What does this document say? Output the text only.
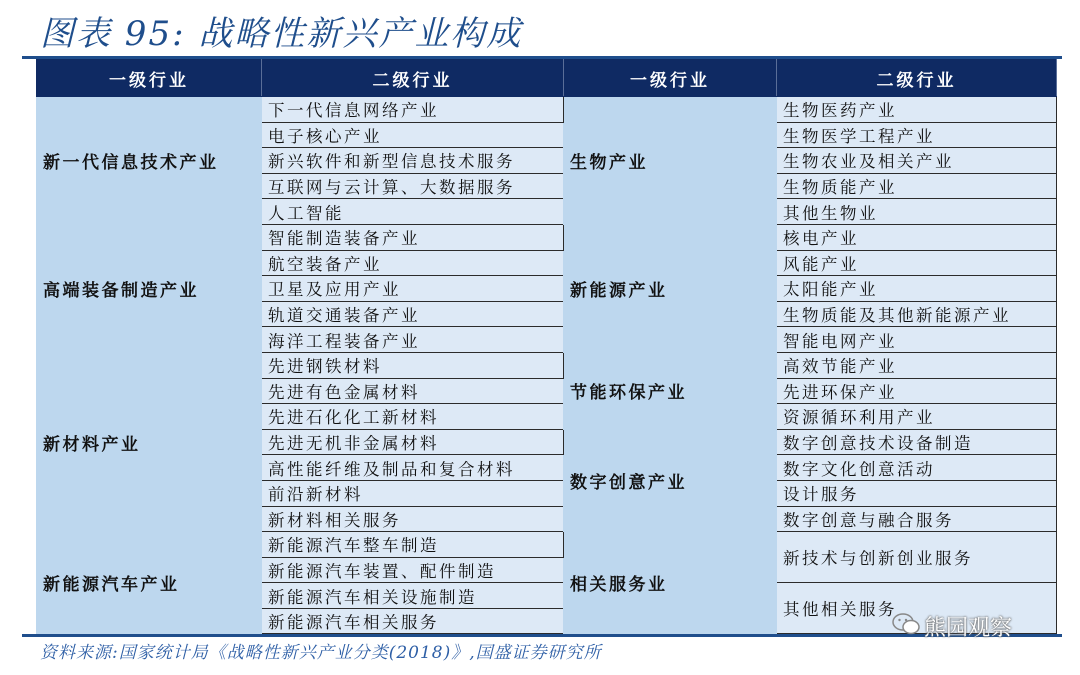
图表 95: 战略性新兴产业构成
一级行业	二级行业	一级行业	二级行业
新一代信息技术产业	下一代信息网络产业	生物产业	生物医药产业
	电子核心产业		生物医学工程产业
	新兴软件和新型信息技术服务		生物农业及相关产业
	互联网与云计算、大数据服务		生物质能产业
	人工智能		其他生物业
高端装备制造产业	智能制造装备产业	新能源产业	核电产业
	航空装备产业		风能产业
	卫星及应用产业		太阳能产业
	轨道交通装备产业		生物质能及其他新能源产业
	海洋工程装备产业		智能电网产业
新材料产业	先进钢铁材料	节能环保产业	高效节能产业
	先进有色金属材料		先进环保产业
	先进石化化工新材料		资源循环利用产业
	先进无机非金属材料	数字创意产业	数字创意技术设备制造
	高性能纤维及制品和复合材料		数字文化创意活动
	前沿新材料		设计服务
	新材料相关服务		数字创意与融合服务
新能源汽车产业	新能源汽车整车制造	相关服务业	新技术与创新创业服务
	新能源汽车装置、配件制造		
	新能源汽车相关设施制造		其他相关服务
	新能源汽车相关服务		
资料来源:国家统计局《战略性新兴产业分类(2018)》,国盛证券研究所
熊园观察
